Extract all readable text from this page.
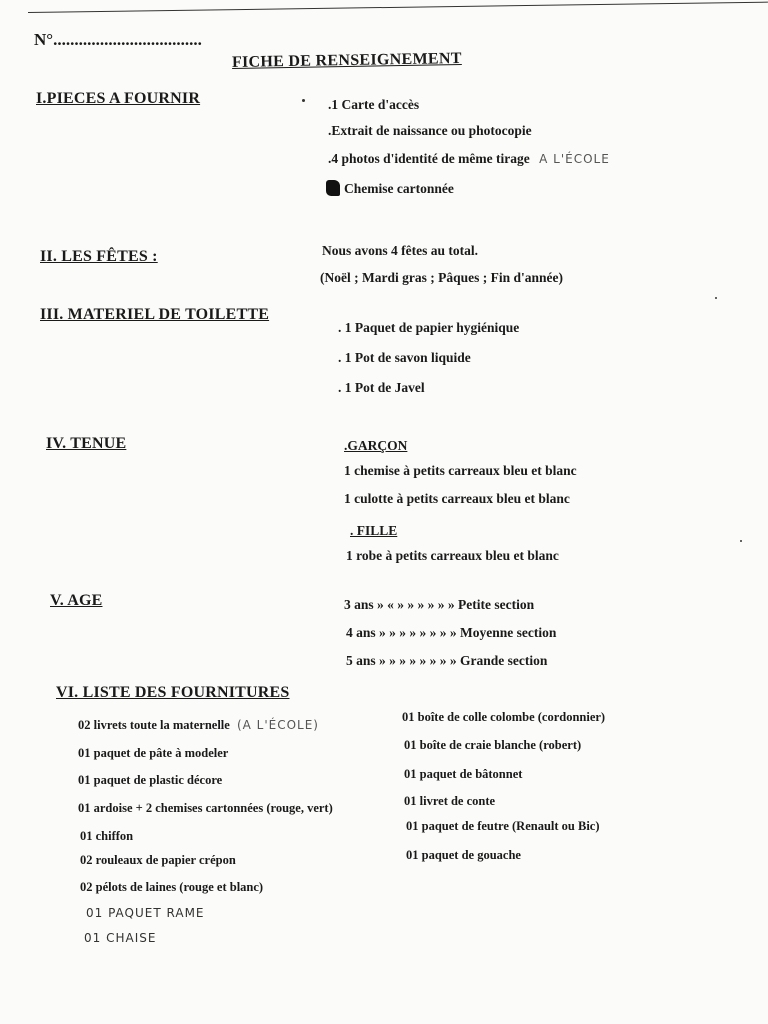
N°...................................
FICHE DE RENSEIGNEMENT
I.PIECES A FOURNIR	.1 Carte d'accès
.Extrait de naissance ou photocopie
.4 photos d'identité de même tirage A L'ÉCOLE
Chemise cartonnée
II. LES FÊTES :	Nous avons 4 fêtes au total.
(Noël ; Mardi gras ; Pâques ; Fin d'année)
III. MATERIEL DE TOILETTE
. 1 Paquet de papier hygiénique
. 1 Pot de savon liquide
. 1 Pot de Javel
IV. TENUE	.GARÇON
1 chemise à petits carreaux bleu et blanc
1 culotte à petits carreaux bleu et blanc
. FILLE
1 robe à petits carreaux bleu et blanc
V. AGE	3 ans » « » » » » » » Petite section
4 ans » » » » » » » » Moyenne section
5 ans » » » » » » » » Grande section
VI. LISTE DES FOURNITURES
02 livrets toute la maternelle (A L'ÉCOLE)
01 paquet de pâte à modeler
01 paquet de plastic décore
01 ardoise + 2 chemises cartonnées (rouge, vert)
01 chiffon
02 rouleaux de papier crépon
02 pélots de laines (rouge et blanc)
01 PAQUET RAME
01 CHAISE
01 boîte de colle colombe (cordonnier)
01 boîte de craie blanche (robert)
01 paquet de bâtonnet
01 livret de conte
01 paquet de feutre (Renault ou Bic)
01 paquet de gouache
